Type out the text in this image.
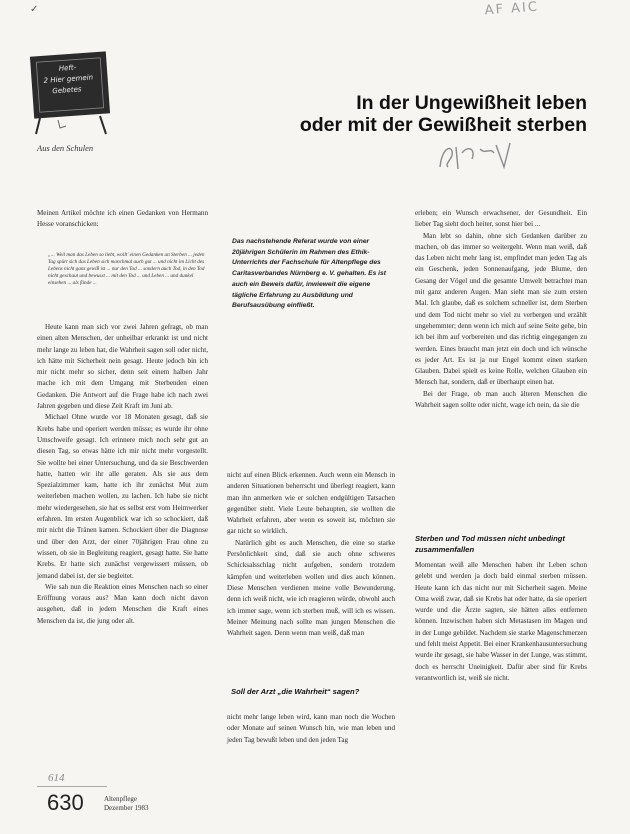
✓	AF AIC
Heft-
2 Hier gemein
Gebetes
Aus den Schulen
In der Ungewißheit leben
oder mit der Gewißheit sterben
Das nachstehende Referat wurde von einer 20jährigen Schülerin im Rahmen des Ethik-Unterrichts der Fachschule für Altenpflege des Caritasverbandes Nürnberg e. V. gehalten. Es ist auch ein Beweis dafür, inwieweit die eigene tägliche Erfahrung zu Ausbildung und Berufsausübung einfließt.

Meinen Artikel möchte ich einen Gedanken von Hermann Hesse voranschicken:

„... Weil man das Leben so liebt, wollt' einen Gedanken an Sterben ... jeden Tag spürt sich das Leben sich manchmal auch gut ... und nicht im Licht des Lebens nicht ganz gewiß ist ... nur den Tod ... sondern auch Tod, in den Tod nicht geschaut und bewusst ... mit den Tod ... und Leben ... und dunkel einsehen ... als fände ...

Heute kann man sich vor zwei Jahren gefragt, ob man einen alten Menschen, der unheilbar erkrankt ist und nicht mehr lange zu leben hat, die Wahrheit sagen soll oder nicht, ich hätte mit Sicherheit nein gesagt. Heute jedoch bin ich mir nicht mehr so sicher, denn seit einem halben Jahr mache ich mit dem Umgang mit Sterbenden einen Gedanken. Die Antwort auf die Frage habe ich nach zwei Jahren gegeben und diese Zeit Kraft im Juni ab.

Michael Ohne wurde vor 18 Monaten gesagt, daß sie Krebs habe und operiert werden müsse; es wurde ihr ohne Umschweife gesagt. Ich erinnere mich noch sehr gut an diesen Tag, so etwas hätte ich mir nicht mehr vorgestellt. Sie wollte bei einer Untersuchung, und da sie Beschwerden hatte, hatten wir ihr alle geraten. Als sie aus dem Spezialzimmer kam, hatte ich ihr zunächst Mut zum weiterleben machen wollen, zu lachen. Ich habe sie nicht mehr wiedergesehen, sie hat es selbst erst vom Heimwerker erfahren. Im ersten Augenblick war ich so schockiert, daß mir nicht die Tränen kamen. Schockiert über die Diagnose und über den Arzt, der einer 70jährigen Frau ohne zu wissen, ob sie in Begleitung reagiert, gesagt hatte. Sie hatte Krebs. Er hatte sich zunächst vergewissert müssen, ob jemand dabei ist, der sie begleitet.

Wie sah nun die Reaktion eines Menschen nach so einer Eröffnung voraus aus? Man kann doch nicht davon ausgehen, daß in jedem Menschen die Kraft eines Menschen da ist, die jung oder alt.

nicht auf einen Blick erkennen. Auch wenn ein Mensch in anderen Situationen beherrscht und überlegt reagiert, kann man ihn anmerken wie er solchen endgültigen Tatsachen gegenüber steht. Viele Leute behaupten, sie wollten die Wahrheit erfahren, aber wenn es soweit ist, möchten sie gar nicht so wirklich.

Natürlich gibt es auch Menschen, die eine so starke Persönlichkeit sind, daß sie auch ohne schweres Schicksalsschlag nicht aufgeben, sondern trotzdem kämpfen und weiterleben wollen und dies auch können. Diese Menschen verdienen meine volle Bewunderung, denn ich weiß nicht, wie ich reagieren würde, obwohl auch ich immer sage, wenn ich sterben muß, will ich es wissen. Meiner Meinung nach sollte man jungen Menschen die Wahrheit sagen. Denn wenn man weiß, daß man

Soll der Arzt „die Wahrheit“ sagen?

nicht mehr lange leben wird, kann man noch die Wochen oder Monate auf seinen Wunsch hin, wie man leben und jeden Tag bewußt leben und den jeden Tag

erleben; ein Wunsch erwachsener, der Gesundheit. Ein lieber Tag sieht doch heiter, sonst hier bei ...

Man lebt so dahin, ohne sich Gedanken darüber zu machen, ob das immer so weitergeht. Wenn man weiß, daß das Leben nicht mehr lang ist, empfindet man jeden Tag als ein Geschenk, jeden Sonnenaufgang, jede Blume, den Gesang der Vögel und die gesamte Umwelt betrachtet man mit ganz anderen Augen. Man sieht man sie zum ersten Mal. Ich glaube, daß es solchem schneller ist, dem Sterben und dem Tod nicht mehr so viel zu verbergen und erzählt ungehemmter; denn wenn ich mich auf seine Seite gehe, bin ich bei ihm auf vorbereiten und das richtig eingegangen zu werden. Eines braucht man jetzt ein doch und ich wünsche es jeder Art. Es ist ja nur Engel kommt einen starken Glauben. Dabei spielt es keine Rolle, welchen Glauben ein Mensch hat, sondern, daß er überhaupt einen hat.

Bei der Frage, ob man auch älteren Menschen die Wahrheit sagen sollte oder nicht, wage ich nein, da sie die

Sterben und Tod müssen nicht unbedingt zusammenfallen

Momentan weiß alle Menschen haben ihr Leben schon gelebt und werden ja doch bald einmal sterben müssen. Heute kann ich das nicht nur mit Sicherheit sagen. Meine Oma weiß zwar, daß sie Krebs hat oder hatte, da sie operiert wurde und die Ärzte sagten, sie hätten alles entfernen können. Inzwischen haben sich Metastasen im Magen und in der Lunge gebildet. Nachdem sie starke Magenschmerzen und fehlt meist Appetit. Bei einer Krankenhausuntersuchung wurde ihr gesagt, sie habe Wasser in der Lunge, was stimmt, doch es herrscht Uneinigkeit. Dafür aber sind für Krebs verantwortlich ist, weiß sie nicht.

614
630	Altenpflege
Dezember 1983
